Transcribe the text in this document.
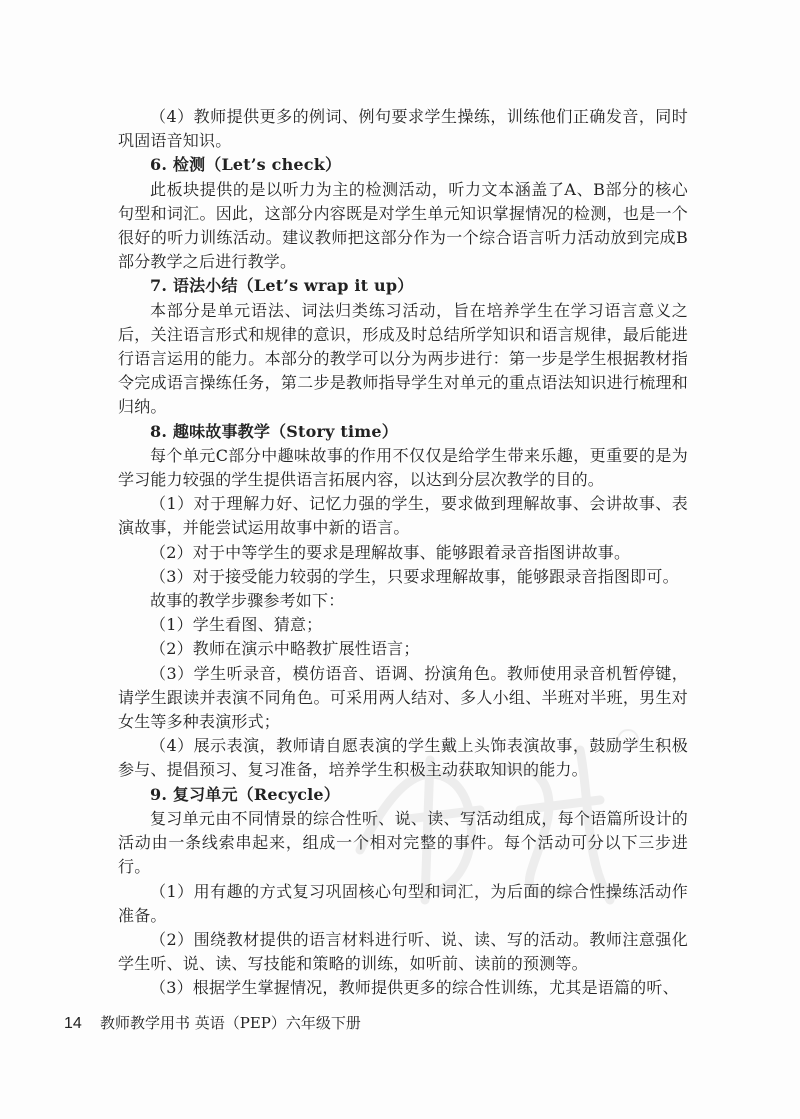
（4）教师提供更多的例词、例句要求学生操练，训练他们正确发音，同时巩固语音知识。

6. 检测（Let’s check）

此板块提供的是以听力为主的检测活动，听力文本涵盖了A、B部分的核心句型和词汇。因此，这部分内容既是对学生单元知识掌握情况的检测，也是一个很好的听力训练活动。建议教师把这部分作为一个综合语言听力活动放到完成B部分教学之后进行教学。

7. 语法小结（Let’s wrap it up）

本部分是单元语法、词法归类练习活动，旨在培养学生在学习语言意义之后，关注语言形式和规律的意识，形成及时总结所学知识和语言规律，最后能进行语言运用的能力。本部分的教学可以分为两步进行：第一步是学生根据教材指令完成语言操练任务，第二步是教师指导学生对单元的重点语法知识进行梳理和归纳。

8. 趣味故事教学（Story time）

每个单元C部分中趣味故事的作用不仅仅是给学生带来乐趣，更重要的是为学习能力较强的学生提供语言拓展内容，以达到分层次教学的目的。

（1）对于理解力好、记忆力强的学生，要求做到理解故事、会讲故事、表演故事，并能尝试运用故事中新的语言。

（2）对于中等学生的要求是理解故事、能够跟着录音指图讲故事。

（3）对于接受能力较弱的学生，只要求理解故事，能够跟录音指图即可。

故事的教学步骤参考如下：

（1）学生看图、猜意；

（2）教师在演示中略教扩展性语言；

（3）学生听录音，模仿语音、语调、扮演角色。教师使用录音机暂停键，请学生跟读并表演不同角色。可采用两人结对、多人小组、半班对半班，男生对女生等多种表演形式；

（4）展示表演，教师请自愿表演的学生戴上头饰表演故事，鼓励学生积极参与、提倡预习、复习准备，培养学生积极主动获取知识的能力。

9. 复习单元（Recycle）

复习单元由不同情景的综合性听、说、读、写活动组成，每个语篇所设计的活动由一条线索串起来，组成一个相对完整的事件。每个活动可分以下三步进行。

（1）用有趣的方式复习巩固核心句型和词汇，为后面的综合性操练活动作准备。

（2）围绕教材提供的语言材料进行听、说、读、写的活动。教师注意强化学生听、说、读、写技能和策略的训练，如听前、读前的预测等。

（3）根据学生掌握情况，教师提供更多的综合性训练，尤其是语篇的听、

14 教师教学用书 英语（PEP）六年级下册
